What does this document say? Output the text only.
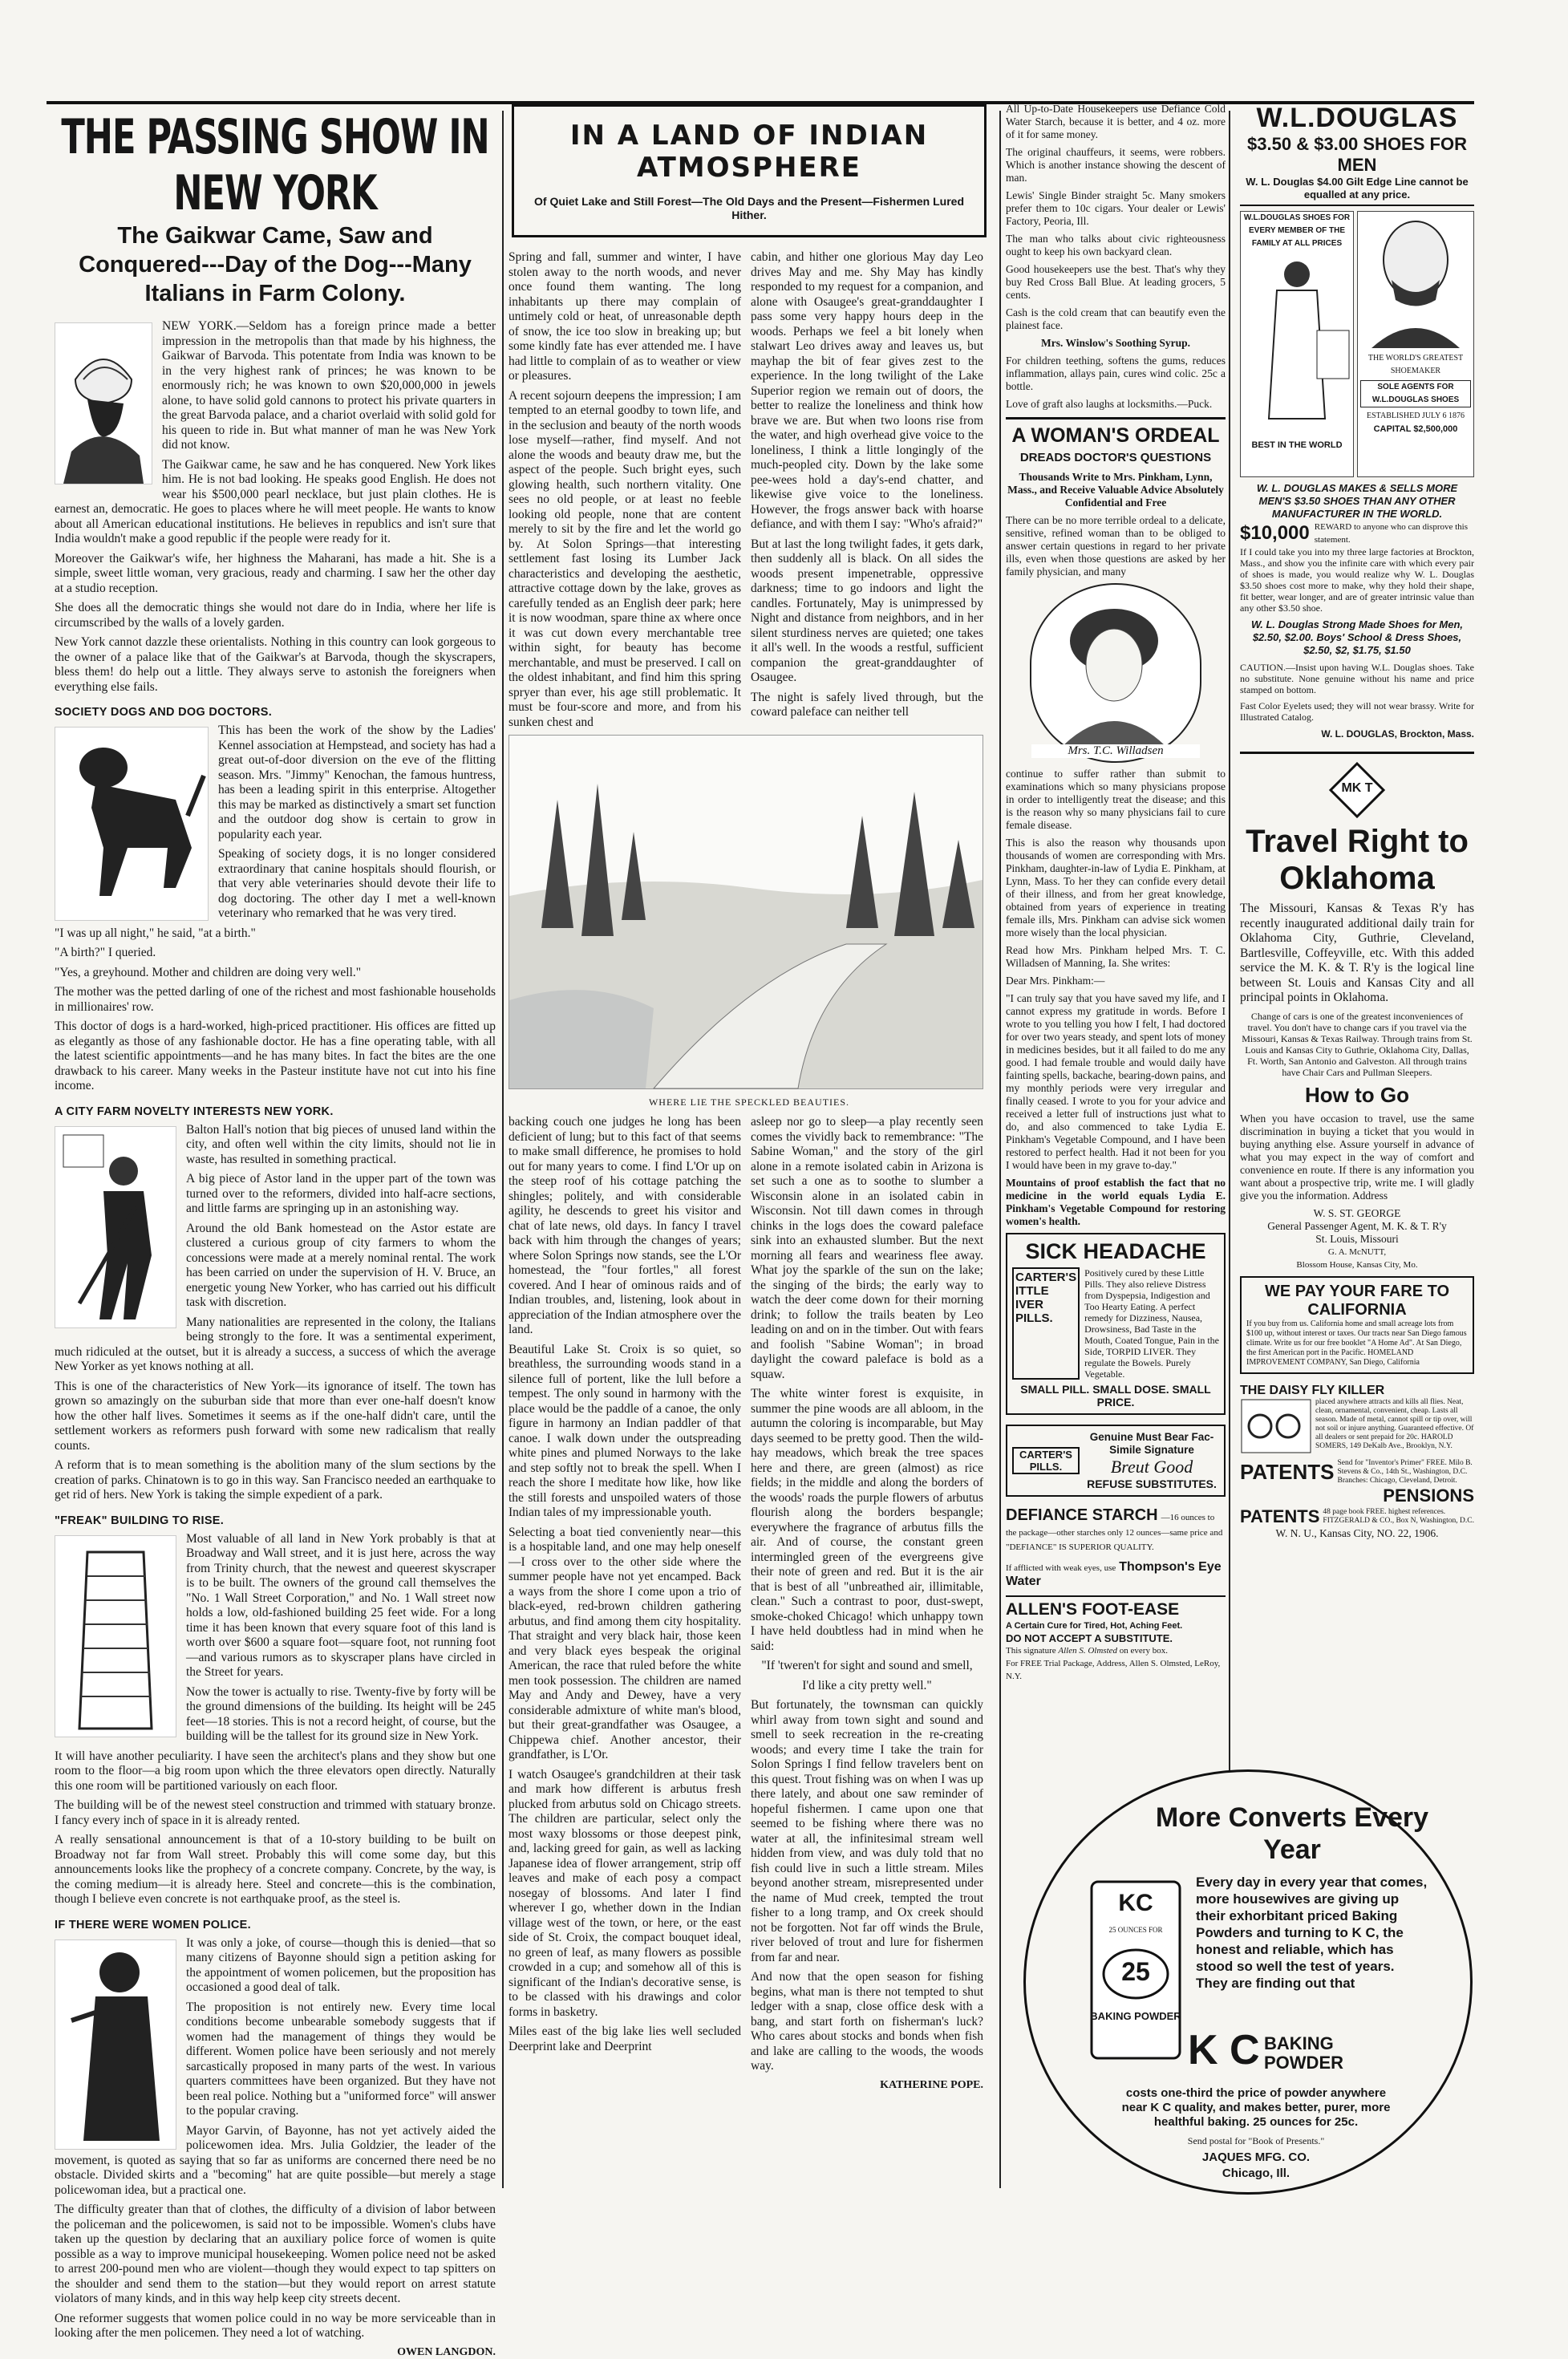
THE PASSING SHOW IN NEW YORK
The Gaikwar Came, Saw and Conquered---Day of the Dog---Many Italians in Farm Colony.

NEW YORK.—Seldom has a foreign prince made a better impression in the metropolis than that made by his highness, the Gaikwar of Barvoda. This potentate from India was known to be in the very highest rank of princes; he was known to be enormously rich; he was known to own $20,000,000 in jewels alone, to have solid gold cannons to protect his private quarters in the great Barvoda palace, and a chariot overlaid with solid gold for his queen to ride in. But what manner of man he was New York did not know.

The Gaikwar came, he saw and he has conquered. New York likes him. He is not bad looking. He speaks good English. He does not wear his $500,000 pearl necklace, but just plain clothes. He is earnest an, democratic. He goes to places where he will meet people. He wants to know about all American educational institutions. He believes in republics and isn't sure that India wouldn't make a good republic if the people were ready for it.

Moreover the Gaikwar's wife, her highness the Maharani, has made a hit. She is a simple, sweet little woman, very gracious, ready and charming. I saw her the other day at a studio reception.

She does all the democratic things she would not dare do in India, where her life is circumscribed by the walls of a lovely garden.

New York cannot dazzle these orientalists. Nothing in this country can look gorgeous to the owner of a palace like that of the Gaikwar's at Barvoda, though the skyscrapers, bless them! do help out a little. They always serve to astonish the foreigners when everything else fails.

SOCIETY DOGS AND DOG DOCTORS.

This has been the work of the show by the Ladies' Kennel association at Hempstead, and society has had a great out-of-door diversion on the eve of the flitting season. Mrs. "Jimmy" Kenochan, the famous huntress, has been a leading spirit in this enterprise. Altogether this may be marked as distinctively a smart set function and the outdoor dog show is certain to grow in popularity each year.

Speaking of society dogs, it is no longer considered extraordinary that canine hospitals should flourish, or that very able veterinaries should devote their life to dog doctoring. The other day I met a well-known veterinary who remarked that he was very tired.

"I was up all night," he said, "at a birth."

"A birth?" I queried.

"Yes, a greyhound. Mother and children are doing very well."

The mother was the petted darling of one of the richest and most fashionable households in millionaires' row.

This doctor of dogs is a hard-worked, high-priced practitioner. His offices are fitted up as elegantly as those of any fashionable doctor. He has a fine operating table, with all the latest scientific appointments—and he has many bites. In fact the bites are the one drawback to his career. Many weeks in the Pasteur institute have not cut into his fine income.

A CITY FARM NOVELTY INTERESTS NEW YORK.

Balton Hall's notion that big pieces of unused land within the city, and often well within the city limits, should not lie in waste, has resulted in something practical.

A big piece of Astor land in the upper part of the town was turned over to the reformers, divided into half-acre sections, and little farms are springing up in an astonishing way.

Around the old Bank homestead on the Astor estate are clustered a curious group of city farmers to whom the concessions were made at a merely nominal rental. The work has been carried on under the supervision of H. V. Bruce, an energetic young New Yorker, who has carried out his difficult task with discretion.

Many nationalities are represented in the colony, the Italians being strongly to the fore. It was a sentimental experiment, much ridiculed at the outset, but it is already a success, a success of which the average New Yorker as yet knows nothing at all.

This is one of the characteristics of New York—its ignorance of itself. The town has grown so amazingly on the suburban side that more than ever one-half doesn't know how the other half lives. Sometimes it seems as if the one-half didn't care, until the settlement workers as reformers push forward with some new radicalism that really counts.

A reform that is to mean something is the abolition many of the slum sections by the creation of parks. Chinatown is to go in this way. San Francisco needed an earthquake to get rid of hers. New York is taking the simple expedient of a park.

"FREAK" BUILDING TO RISE.

Most valuable of all land in New York probably is that at Broadway and Wall street, and it is just here, across the way from Trinity church, that the newest and queerest skyscraper is to be built. The owners of the ground call themselves the "No. 1 Wall Street Corporation," and No. 1 Wall street now holds a low, old-fashioned building 25 feet wide. For a long time it has been known that every square foot of this land is worth over $600 a square foot—square foot, not running foot—and various rumors as to skyscraper plans have circled in the Street for years.

Now the tower is actually to rise. Twenty-five by forty will be the ground dimensions of the building. Its height will be 245 feet—18 stories. This is not a record height, of course, but the building will be the tallest for its ground size in New York.

It will have another peculiarity. I have seen the architect's plans and they show but one room to the floor—a big room upon which the three elevators open directly. Naturally this one room will be partitioned variously on each floor.

The building will be of the newest steel construction and trimmed with statuary bronze. I fancy every inch of space in it is already rented.

A really sensational announcement is that of a 10-story building to be built on Broadway not far from Wall street. Probably this will come some day, but this announcements looks like the prophecy of a concrete company. Concrete, by the way, is the coming medium—it is already here. Steel and concrete—this is the combination, though I believe even concrete is not earthquake proof, as the steel is.

IF THERE WERE WOMEN POLICE.

It was only a joke, of course—though this is denied—that so many citizens of Bayonne should sign a petition asking for the appointment of women policemen, but the proposition has occasioned a good deal of talk.

The proposition is not entirely new. Every time local conditions become unbearable somebody suggests that if women had the management of things they would be different. Women police have been seriously and not merely sarcastically proposed in many parts of the west. In various quarters committees have been organized. But they have not been real police. Nothing but a "uniformed force" will answer to the popular craving.

Mayor Garvin, of Bayonne, has not yet actively aided the policewomen idea. Mrs. Julia Goldzier, the leader of the movement, is quoted as saying that so far as uniforms are concerned there need be no obstacle. Divided skirts and a "becoming" hat are quite possible—but merely a stage policewoman idea, but a practical one.

The difficulty greater than that of clothes, the difficulty of a division of labor between the policeman and the policewomen, is said not to be impossible. Women's clubs have taken up the question by declaring that an auxiliary police force of women is quite possible as a way to improve municipal housekeeping. Women police need not be asked to arrest 200-pound men who are violent—though they would expect to tap spitters on the shoulder and send them to the station—but they would report on arrest statute violators of many kinds, and in this way help keep city streets decent.

One reformer suggests that women police could in no way be more serviceable than in looking after the men policemen. They need a lot of watching.

OWEN LANGDON.
IN A LAND OF INDIAN ATMOSPHERE
Of Quiet Lake and Still Forest—The Old Days and the Present—Fishermen Lured Hither.

Spring and fall, summer and winter, I have stolen away to the north woods, and never once found them wanting. The long inhabitants up there may complain of untimely cold or heat, of unreasonable depth of snow, the ice too slow in breaking up; but some kindly fate has ever attended me. I have had little to complain of as to weather or view or pleasures.

A recent sojourn deepens the impression; I am tempted to an eternal goodby to town life, and in the seclusion and beauty of the north woods lose myself—rather, find myself. And not alone the woods and beauty draw me, but the aspect of the people. Such bright eyes, such glowing health, such northern vitality. One sees no old people, or at least no feeble looking old people, none that are content merely to sit by the fire and let the world go by. At Solon Springs—that interesting settlement fast losing its Lumber Jack characteristics and developing the aesthetic, attractive cottage down by the lake, groves as carefully tended as an English deer park; here it is now woodman, spare thine ax where once it was cut down every merchantable tree within sight, for beauty has become merchantable, and must be preserved. I call on the oldest inhabitant, and find him this spring spryer than ever, his age still problematic. It must be four-score and more, and from his sunken chest and

cabin, and hither one glorious May day Leo drives May and me. Shy May has kindly responded to my request for a companion, and alone with Osaugee's great-granddaughter I pass some very happy hours deep in the woods. Perhaps we feel a bit lonely when stalwart Leo drives away and leaves us, but mayhap the bit of fear gives zest to the experience. In the long twilight of the Lake Superior region we remain out of doors, the better to realize the loneliness and think how brave we are. But when two loons rise from the water, and high overhead give voice to the loneliness, I think a little longingly of the much-peopled city. Down by the lake some pee-wees hold a day's-end chatter, and likewise give voice to the loneliness. However, the frogs answer back with hoarse defiance, and with them I say: "Who's afraid?"

But at last the long twilight fades, it gets dark, then suddenly all is black. On all sides the woods present impenetrable, oppressive darkness; time to go indoors and light the candles. Fortunately, May is unimpressed by Night and distance from neighbors, and in her silent sturdiness nerves are quieted; one takes it all's well. In the woods a restful, sufficient companion the great-granddaughter of Osaugee.

The night is safely lived through, but the coward paleface can neither tell

WHERE LIE THE SPECKLED BEAUTIES.

backing couch one judges he long has been deficient of lung; but to this fact of that seems to make small difference, he promises to hold out for many years to come. I find L'Or up on the steep roof of his cottage patching the shingles; politely, and with considerable agility, he descends to greet his visitor and chat of late news, old days. In fancy I travel back with him through the changes of years; where Solon Springs now stands, see the L'Or homestead, the "four fortles," all forest covered. And I hear of ominous raids and of Indian troubles, and, listening, look about in appreciation of the Indian atmosphere over the land.

Beautiful Lake St. Croix is so quiet, so breathless, the surrounding woods stand in a silence full of portent, like the lull before a tempest. The only sound in harmony with the place would be the paddle of a canoe, the only figure in harmony an Indian paddler of that canoe. I walk down under the outspreading white pines and plumed Norways to the lake and step softly not to break the spell. When I reach the shore I meditate how like, how like the still forests and unspoiled waters of those Indian tales of my impressionable youth.

Selecting a boat tied conveniently near—this is a hospitable land, and one may help oneself—I cross over to the other side where the summer people have not yet encamped. Back a ways from the shore I come upon a trio of black-eyed, red-brown children gathering arbutus, and find among them city hospitality. That straight and very black hair, those keen and very black eyes bespeak the original American, the race that ruled before the white men took possession. The children are named May and Andy and Dewey, have a very considerable admixture of white man's blood, but their great-grandfather was Osaugee, a Chippewa chief. Another ancestor, their grandfather, is L'Or.

I watch Osaugee's grandchildren at their task and mark how different is arbutus fresh plucked from arbutus sold on Chicago streets. The children are particular, select only the most waxy blossoms or those deepest pink, and, lacking greed for gain, as well as lacking Japanese idea of flower arrangement, strip off leaves and make of each posy a compact nosegay of blossoms. And later I find wherever I go, whether down in the Indian village west of the town, or here, or the east side of St. Croix, the compact bouquet ideal, no green of leaf, as many flowers as possible crowded in a cup; and somehow all of this is significant of the Indian's decorative sense, is to be classed with his drawings and color forms in basketry.

Miles east of the big lake lies well secluded Deerprint lake and Deerprint

asleep nor go to sleep—a play recently seen comes the vividly back to remembrance: "The Sabine Woman," and the story of the girl alone in a remote isolated cabin in Arizona is set such a one as to soothe to slumber a Wisconsin alone in an isolated cabin in Wisconsin. Not till dawn comes in through chinks in the logs does the coward paleface sink into an exhausted slumber. But the next morning all fears and weariness flee away. What joy the sparkle of the sun on the lake; the singing of the birds; the early way to watch the deer come down for their morning drink; to follow the trails beaten by Leo leading on and on in the timber. Out with fears and foolish "Sabine Woman"; in broad daylight the coward paleface is bold as a squaw.

The white winter forest is exquisite, in summer the pine woods are all abloom, in the autumn the coloring is incomparable, but May days seemed to be pretty good. Then the wild-hay meadows, which break the tree spaces here and there, are green (almost) as rice fields; in the middle and along the borders of the woods' roads the purple flowers of arbutus flourish along the borders bespangle; everywhere the fragrance of arbutus fills the air. And of course, the constant green intermingled green of the evergreens give their note of green and red. But it is the air that is best of all "unbreathed air, illimitable, clean." Such a contrast to poor, dust-swept, smoke-choked Chicago! which unhappy town I have held doubtless had in mind when he said:

"If 'tweren't for sight and sound and smell,

I'd like a city pretty well."

But fortunately, the townsman can quickly whirl away from town sight and sound and smell to seek recreation in the re-creating woods; and every time I take the train for Solon Springs I find fellow travelers bent on this quest. Trout fishing was on when I was up there lately, and about one saw reminder of hopeful fishermen. I came upon one that seemed to be fishing where there was no water at all, the infinitesimal stream well hidden from view, and was duly told that no fish could live in such a little stream. Miles beyond another stream, misrepresented under the name of Mud creek, tempted the trout fisher to a long tramp, and Ox creek should not be forgotten. Not far off winds the Brule, river beloved of trout and lure for fishermen from far and near.

And now that the open season for fishing begins, what man is there not tempted to shut ledger with a snap, close office desk with a bang, and start forth on fisherman's luck? Who cares about stocks and bonds when fish and lake are calling to the woods, the woods way.

KATHERINE POPE.

All Up-to-Date Housekeepers use Defiance Cold Water Starch, because it is better, and 4 oz. more of it for same money.

The original chauffeurs, it seems, were robbers. Which is another instance showing the descent of man.

Lewis' Single Binder straight 5c. Many smokers prefer them to 10c cigars. Your dealer or Lewis' Factory, Peoria, Ill.

The man who talks about civic righteousness ought to keep his own backyard clean.

Good housekeepers use the best. That's why they buy Red Cross Ball Blue. At leading grocers, 5 cents.

Cash is the cold cream that can beautify even the plainest face.

Mrs. Winslow's Soothing Syrup.

For children teething, softens the gums, reduces inflammation, allays pain, cures wind colic. 25c a bottle.

Love of graft also laughs at locksmiths.—Puck.

A WOMAN'S ORDEAL
DREADS DOCTOR'S QUESTIONS

Thousands Write to Mrs. Pinkham, Lynn, Mass., and Receive Valuable Advice Absolutely Confidential and Free

There can be no more terrible ordeal to a delicate, sensitive, refined woman than to be obliged to answer certain questions in regard to her private ills, even when those questions are asked by her family physician, and many

Mrs. T.C. Willadsen

continue to suffer rather than submit to examinations which so many physicians propose in order to intelligently treat the disease; and this is the reason why so many physicians fail to cure female disease.

This is also the reason why thousands upon thousands of women are corresponding with Mrs. Pinkham, daughter-in-law of Lydia E. Pinkham, at Lynn, Mass. To her they can confide every detail of their illness, and from her great knowledge, obtained from years of experience in treating female ills, Mrs. Pinkham can advise sick women more wisely than the local physician.

Read how Mrs. Pinkham helped Mrs. T. C. Willadsen of Manning, Ia. She writes:

Dear Mrs. Pinkham:—

"I can truly say that you have saved my life, and I cannot express my gratitude in words. Before I wrote to you telling you how I felt, I had doctored for over two years steady, and spent lots of money in medicines besides, but it all failed to do me any good. I had female trouble and would daily have fainting spells, backache, bearing-down pains, and my monthly periods were very irregular and finally ceased. I wrote to you for your advice and received a letter full of instructions just what to do, and also commenced to take Lydia E. Pinkham's Vegetable Compound, and I have been restored to perfect health. Had it not been for you I would have been in my grave to-day."

Mountains of proof establish the fact that no medicine in the world equals Lydia E. Pinkham's Vegetable Compound for restoring women's health.

SICK HEADACHE
CARTER'S
ITTLE
IVER
PILLS.
Positively cured by these Little Pills. They also relieve Distress from Dyspepsia, Indigestion and Too Hearty Eating. A perfect remedy for Dizziness, Nausea, Drowsiness, Bad Taste in the Mouth, Coated Tongue, Pain in the Side, TORPID LIVER. They regulate the Bowels. Purely Vegetable.
SMALL PILL. SMALL DOSE. SMALL PRICE.
CARTER'S
PILLS.
Genuine Must Bear Fac-Simile Signature
Breut Good
REFUSE SUBSTITUTES.
DEFIANCE STARCH —16 ounces to the package—other starches only 12 ounces—same price and "DEFIANCE" IS SUPERIOR QUALITY.
If afflicted with weak eyes, use Thompson's Eye Water
ALLEN'S FOOT-EASE
A Certain Cure for Tired, Hot, Aching Feet.
DO NOT ACCEPT A SUBSTITUTE.
This signature Allen S. Olmsted on every box.
For FREE Trial Package, Address, Allen S. Olmsted, LeRoy, N.Y.
W.L.DOUGLAS
$3.50 & $3.00 SHOES FOR MEN
W. L. Douglas $4.00 Gilt Edge Line cannot be equalled at any price.
W.L.DOUGLAS SHOES FOR EVERY MEMBER OF THE FAMILY AT ALL PRICES
BEST IN THE WORLD
THE WORLD'S GREATEST SHOEMAKER
SOLE AGENTS FOR W.L.DOUGLAS SHOES
ESTABLISHED JULY 6 1876
CAPITAL $2,500,000
W. L. DOUGLAS MAKES & SELLS MORE MEN'S $3.50 SHOES THAN ANY OTHER MANUFACTURER IN THE WORLD.
$10,000 REWARD to anyone who can disprove this statement.

If I could take you into my three large factories at Brockton, Mass., and show you the infinite care with which every pair of shoes is made, you would realize why W. L. Douglas $3.50 shoes cost more to make, why they hold their shape, fit better, wear longer, and are of greater intrinsic value than any other $3.50 shoe.

W. L. Douglas Strong Made Shoes for Men, $2.50, $2.00. Boys' School & Dress Shoes, $2.50, $2, $1.75, $1.50

CAUTION.—Insist upon having W.L. Douglas shoes. Take no substitute. None genuine without his name and price stamped on bottom.

Fast Color Eyelets used; they will not wear brassy. Write for Illustrated Catalog.

W. L. DOUGLAS, Brockton, Mass.
MK T
Travel Right to Oklahoma

The Missouri, Kansas & Texas R'y has recently inaugurated additional daily train for Oklahoma City, Guthrie, Cleveland, Bartlesville, Coffeyville, etc. With this added service the M. K. & T. R'y is the logical line between St. Louis and Kansas City and all principal points in Oklahoma.

Change of cars is one of the greatest inconveniences of travel. You don't have to change cars if you travel via the Missouri, Kansas & Texas Railway. Through trains from St. Louis and Kansas City to Guthrie, Oklahoma City, Dallas, Ft. Worth, San Antonio and Galveston. All through trains have Chair Cars and Pullman Sleepers.

How to Go

When you have occasion to travel, use the same discrimination in buying a ticket that you would in buying anything else. Assure yourself in advance of what you may expect in the way of comfort and convenience en route. If there is any information you want about a prospective trip, write me. I will gladly give you the information. Address

W. S. ST. GEORGE
General Passenger Agent, M. K. & T. R'y
St. Louis, Missouri
G. A. McNUTT,
Blossom House, Kansas City, Mo.
WE PAY YOUR FARE TO CALIFORNIA
If you buy from us. California home and small acreage lots from $100 up, without interest or taxes. Our tracts near San Diego famous climate. Write us for our free booklet "A Home Ad". At San Diego, the first American port in the Pacific. HOMELAND IMPROVEMENT COMPANY, San Diego, California
THE DAISY FLY KILLER
placed anywhere attracts and kills all flies. Neat, clean, ornamental, convenient, cheap. Lasts all season. Made of metal, cannot spill or tip over, will not soil or injure anything. Guaranteed effective. Of all dealers or sent prepaid for 20c. HAROLD SOMERS, 149 DeKalb Ave., Brooklyn, N.Y.
PATENTS Send for "Inventor's Primer" FREE. Milo B. Stevens & Co., 14th St., Washington, D.C. Branches: Chicago, Cleveland, Detroit.
PENSIONS
PATENTS 48 page book FREE. highest references. FITZGERALD & CO., Box N, Washington, D.C.
W. N. U., Kansas City, NO. 22, 1906.
More Converts Every Year
KC
25 OUNCES FOR
25
BAKING POWDER
Every day in every year that comes, more housewives are giving up their exhorbitant priced Baking Powders and turning to K C, the honest and reliable, which has stood so well the test of years. They are finding out that
K C BAKING POWDER
costs one-third the price of powder anywhere near K C quality, and makes better, purer, more healthful baking. 25 ounces for 25c.
Send postal for "Book of Presents."
JAQUES MFG. CO.
Chicago, Ill.
